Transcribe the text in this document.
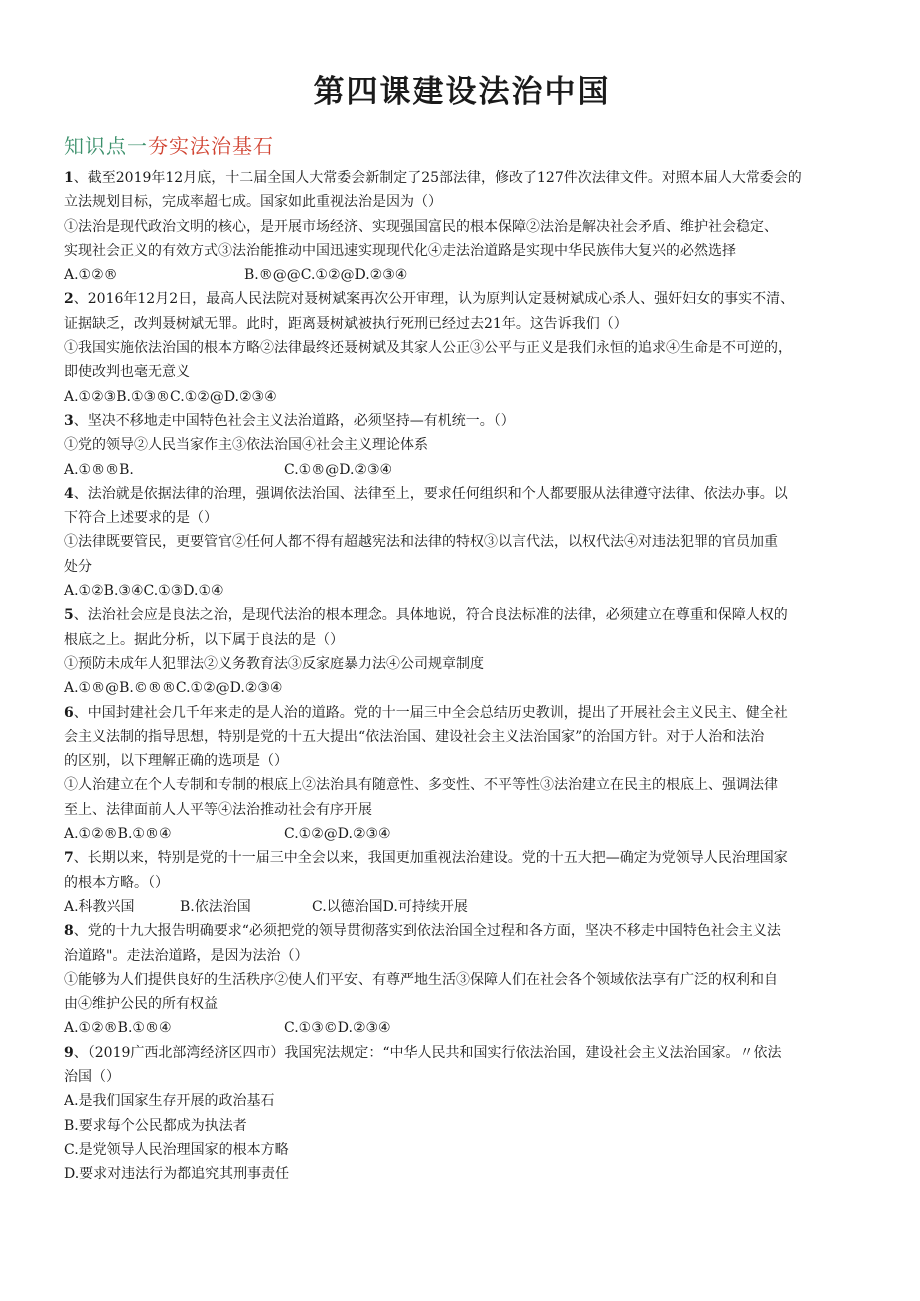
第四课建设法治中国
知识点一夯实法治基石
1、截至2019年12月底，十二届全国人大常委会新制定了25部法律，修改了127件次法律文件。对照本届人大常委会的
立法规划目标，完成率超七成。国家如此重视法治是因为（）
①法治是现代政治文明的核心，是开展市场经济、实现强国富民的根本保障②法治是解决社会矛盾、维护社会稳定、
实现社会正义的有效方式③法治能推动中国迅速实现现代化④走法治道路是实现中华民族伟大复兴的必然选择
A.①②®	B.®@@C.①②@D.②③④
2、2016年12月2日，最高人民法院对聂树斌案再次公开审理，认为原判认定聂树斌成心杀人、强奸妇女的事实不清、
证据缺乏，改判聂树斌无罪。此时，距离聂树斌被执行死刑已经过去21年。这告诉我们（）
①我国实施依法治国的根本方略②法律最终还聂树斌及其家人公正③公平与正义是我们永恒的追求④生命是不可逆的，
即使改判也毫无意义
A.①②③B.①③®C.①②@D.②③④
3、坚决不移地走中国特色社会主义法治道路，必须坚持—有机统一。（）
①党的领导②人民当家作主③依法治国④社会主义理论体系
A.①®®B.	C.①®@D.②③④
4、法治就是依据法律的治理，强调依法治国、法律至上，要求任何组织和个人都要服从法律遵守法律、依法办事。以
下符合上述要求的是（）
①法律既要管民，更要管官②任何人都不得有超越宪法和法律的特权③以言代法，以权代法④对违法犯罪的官员加重
处分
A.①②B.③④C.①③D.①④
5、法治社会应是良法之治，是现代法治的根本理念。具体地说，符合良法标准的法律，必须建立在尊重和保障人权的
根底之上。据此分析，以下属于良法的是（）
①预防未成年人犯罪法②义务教育法③反家庭暴力法④公司规章制度
A.①®@B.©®®C.①②@D.②③④
6、中国封建社会几千年来走的是人治的道路。党的十一届三中全会总结历史教训，提出了开展社会主义民主、健全社
会主义法制的指导思想，特别是党的十五大提出“依法治国、建设社会主义法治国家”的治国方针。对于人治和法治
的区别，以下理解正确的选项是（）
①人治建立在个人专制和专制的根底上②法治具有随意性、多变性、不平等性③法治建立在民主的根底上、强调法律
至上、法律面前人人平等④法治推动社会有序开展
A.①②®B.①®④	C.①②@D.②③④
7、长期以来，特别是党的十一届三中全会以来，我国更加重视法治建设。党的十五大把—确定为党领导人民治理国家
的根本方略。（）
A.科教兴国	B.依法治国	C.以德治国D.可持续开展
8、党的十九大报告明确要求“必须把党的领导贯彻落实到依法治国全过程和各方面，坚决不移走中国特色社会主义法
治道路"。走法治道路，是因为法治（）
①能够为人们提供良好的生活秩序②使人们平安、有尊严地生活③保障人们在社会各个领域依法享有广泛的权利和自
由④维护公民的所有权益
A.①②®B.①®④	C.①③©D.②③④
9、（2019广西北部湾经济区四市）我国宪法规定：“中华人民共和国实行依法治国，建设社会主义法治国家。〃依法
治国（）
A.是我们国家生存开展的政治基石
B.要求每个公民都成为执法者
C.是党领导人民治理国家的根本方略
D.要求对违法行为都追究其刑事责任
